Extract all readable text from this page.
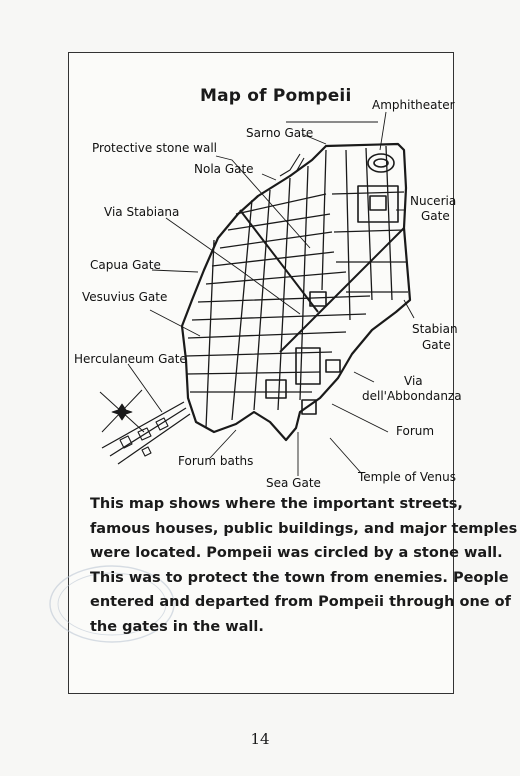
Map of Pompeii Amphitheater
Sarno Gate
Protective stone wall
Nola Gate
Nuceria
Gate
Via Stabiana
Capua Gate
Vesuvius Gate
Stabian
Gate
Herculaneum Gate
Via
dell'Abbondanza
Forum
Forum baths
Temple of Venus
Sea Gate
This map shows where the important streets,
famous houses, public buildings, and major temples
were located. Pompeii was circled by a stone wall.
This was to protect the town from enemies. People
entered and departed from Pompeii through one of
the gates in the wall.
14
